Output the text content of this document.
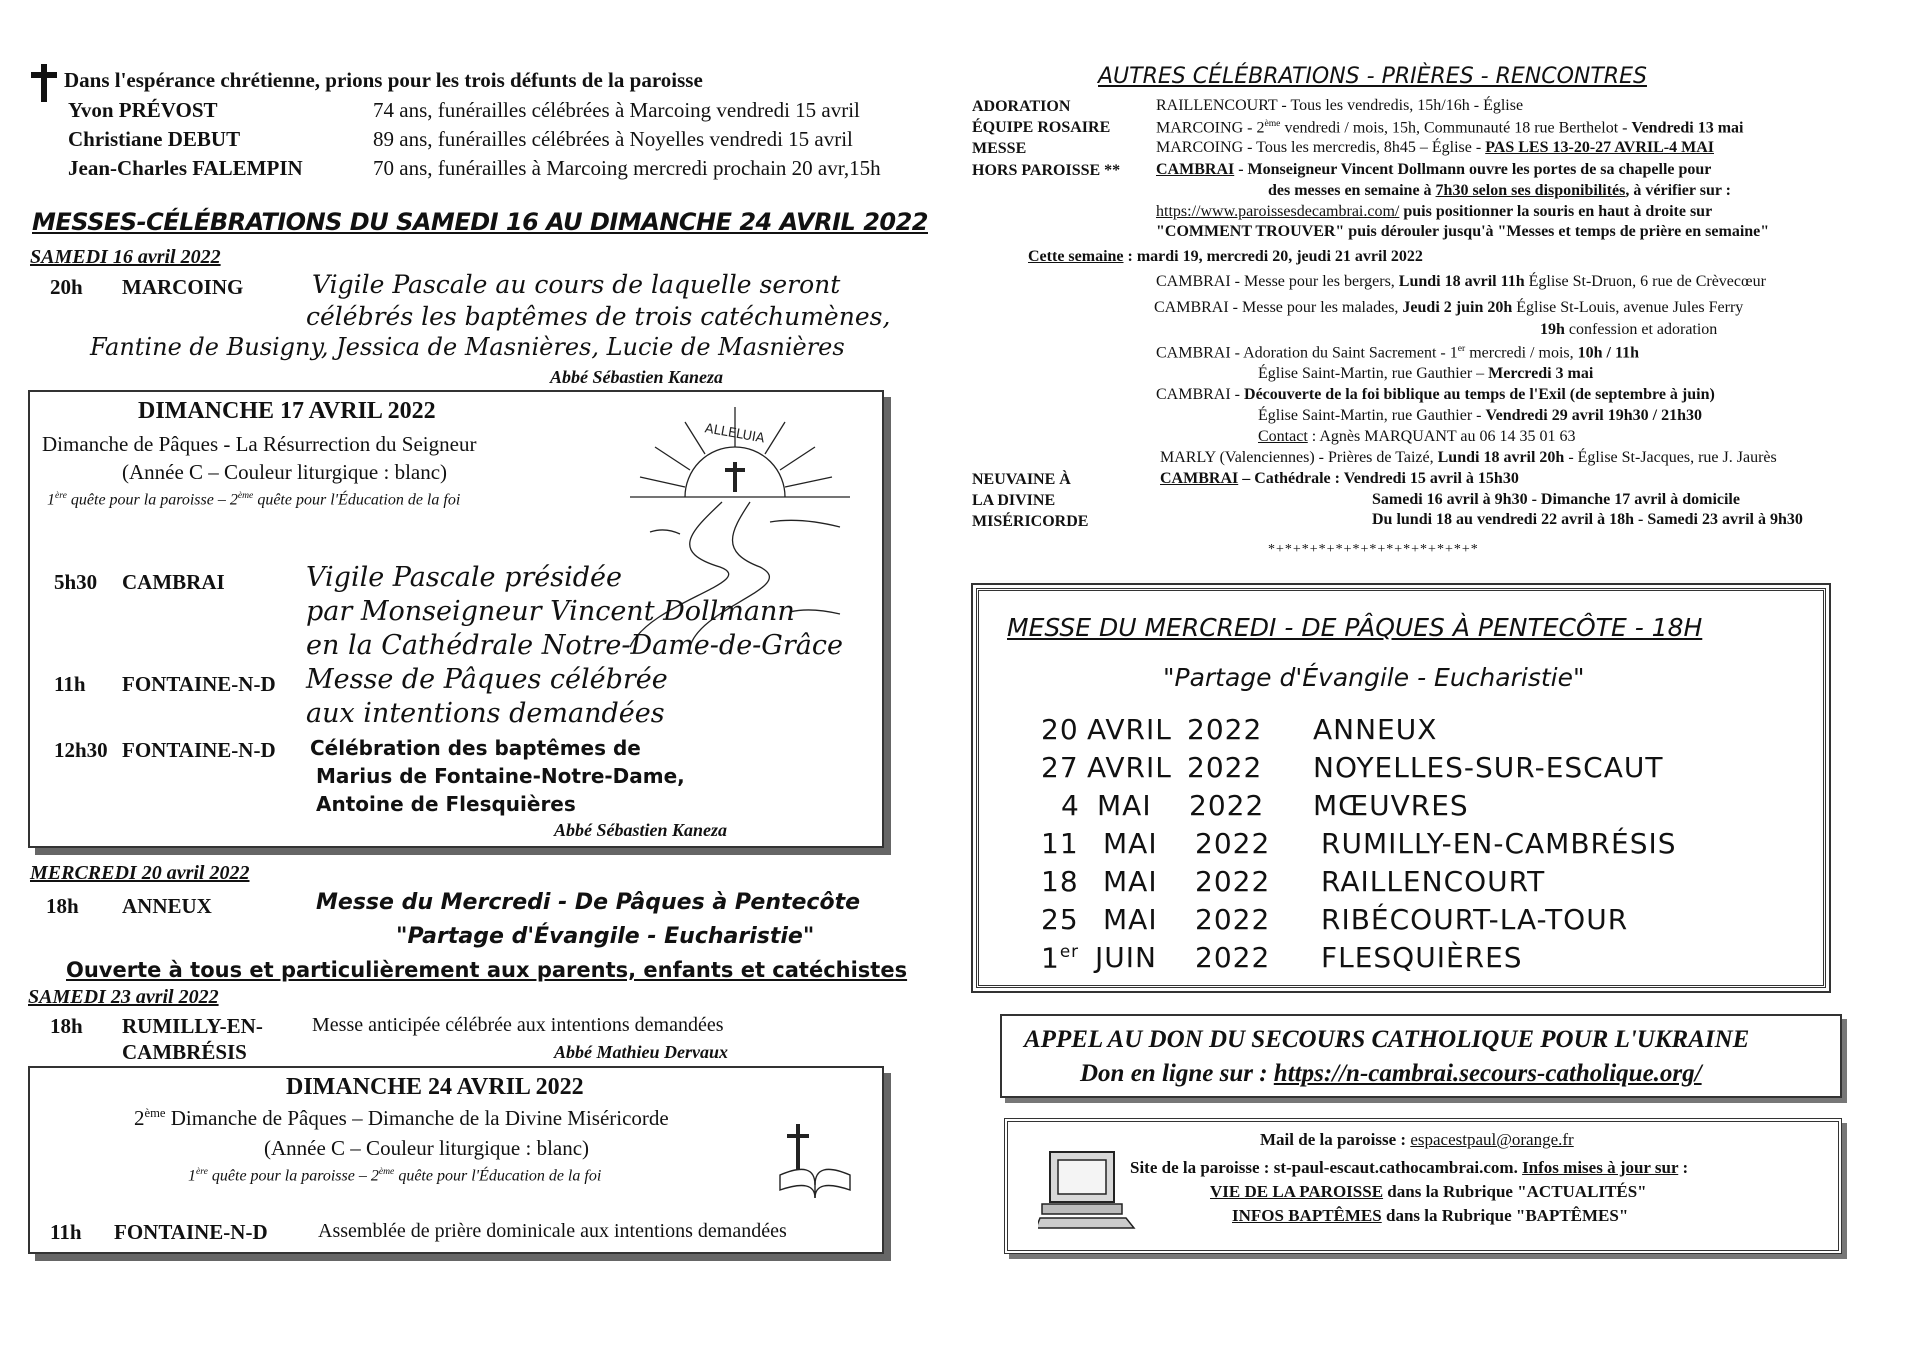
Dans l'espérance chrétienne, prions pour les trois défunts de la paroisse
Yvon PRÉVOST	74 ans, funérailles célébrées à Marcoing vendredi 15 avril
Christiane DEBUT	89 ans, funérailles célébrées à Noyelles vendredi 15 avril
Jean-Charles FALEMPIN	70 ans, funérailles à Marcoing mercredi prochain 20 avr,15h
MESSES-CÉLÉBRATIONS DU SAMEDI 16 AU DIMANCHE 24 AVRIL 2022
SAMEDI 16 avril 2022
20h MARCOING	Vigile Pascale au cours de laquelle seront
célébrés les baptêmes de trois catéchumènes,
Fantine de Busigny, Jessica de Masnières, Lucie de Masnières
Abbé Sébastien Kaneza
DIMANCHE 17 AVRIL 2022
Dimanche de Pâques - La Résurrection du Seigneur
(Année C – Couleur liturgique : blanc)
1ère quête pour la paroisse – 2ème quête pour l'Éducation de la foi
ALLELUIA
5h30 CAMBRAI	Vigile Pascale présidée
par Monseigneur Vincent Dollmann
en la Cathédrale Notre-Dame-de-Grâce
11h FONTAINE-N-D Messe de Pâques célébrée
aux intentions demandées
12h30 FONTAINE-N-D Célébration des baptêmes de
Marius de Fontaine-Notre-Dame,
Antoine de Flesquières
Abbé Sébastien Kaneza
MERCREDI 20 avril 2022
18h ANNEUX	Messe du Mercredi - De Pâques à Pentecôte
"Partage d'Évangile - Eucharistie"
Ouverte à tous et particulièrement aux parents, enfants et catéchistes
SAMEDI 23 avril 2022
18h RUMILLY-EN-
CAMBRÉSIS
Messe anticipée célébrée aux intentions demandées
Abbé Mathieu Dervaux
DIMANCHE 24 AVRIL 2022
2ème Dimanche de Pâques – Dimanche de la Divine Miséricorde
(Année C – Couleur liturgique : blanc)
1ère quête pour la paroisse – 2ème quête pour l'Éducation de la foi
11h FONTAINE-N-D	Assemblée de prière dominicale aux intentions demandées
AUTRES CÉLÉBRATIONS - PRIÈRES - RENCONTRES
ADORATION	RAILLENCOURT - Tous les vendredis, 15h/16h - Église
ÉQUIPE ROSAIRE	MARCOING - 2ème vendredi / mois, 15h, Communauté 18 rue Berthelot - Vendredi 13 mai
MESSE	MARCOING - Tous les mercredis, 8h45 – Église - PAS LES 13-20-27 AVRIL-4 MAI
HORS PAROISSE ** CAMBRAI - Monseigneur Vincent Dollmann ouvre les portes de sa chapelle pour
des messes en semaine à 7h30 selon ses disponibilités, à vérifier sur :
https://www.paroissesdecambrai.com/ puis positionner la souris en haut à droite sur
"COMMENT TROUVER" puis dérouler jusqu'à "Messes et temps de prière en semaine"
Cette semaine : mardi 19, mercredi 20, jeudi 21 avril 2022
CAMBRAI - Messe pour les bergers, Lundi 18 avril 11h Église St-Druon, 6 rue de Crèvecœur
CAMBRAI - Messe pour les malades, Jeudi 2 juin 20h Église St-Louis, avenue Jules Ferry
19h confession et adoration
CAMBRAI - Adoration du Saint Sacrement - 1er mercredi / mois, 10h / 11h
Église Saint-Martin, rue Gauthier – Mercredi 3 mai
CAMBRAI - Découverte de la foi biblique au temps de l'Exil (de septembre à juin)
Église Saint-Martin, rue Gauthier - Vendredi 29 avril 19h30 / 21h30
Contact : Agnès MARQUANT au 06 14 35 01 63
MARLY (Valenciennes) - Prières de Taizé, Lundi 18 avril 20h - Église St-Jacques, rue J. Jaurès
NEUVAINE À
LA DIVINE
MISÉRICORDE
CAMBRAI – Cathédrale : Vendredi 15 avril à 15h30
Samedi 16 avril à 9h30 - Dimanche 17 avril à domicile
Du lundi 18 au vendredi 22 avril à 18h - Samedi 23 avril à 9h30
*+*+*+*+*+*+*+*+*+*+*+*+*
MESSE DU MERCREDI - DE PÂQUES À PENTECÔTE - 18H
"Partage d'Évangile - Eucharistie"
20 AVRIL 2022 ANNEUX
27 AVRIL 2022 NOYELLES-SUR-ESCAUT
4 MAI 2022 MŒUVRES
11 MAI 2022 RUMILLY-EN-CAMBRÉSIS
18 MAI 2022 RAILLENCOURT
25 MAI 2022 RIBÉCOURT-LA-TOUR
1er JUIN 2022 FLESQUIÈRES
APPEL AU DON DU SECOURS CATHOLIQUE POUR L'UKRAINE
Don en ligne sur : https://n-cambrai.secours-catholique.org/
Mail de la paroisse : espacestpaul@orange.fr
Site de la paroisse : st-paul-escaut.cathocambrai.com. Infos mises à jour sur :
VIE DE LA PAROISSE dans la Rubrique "ACTUALITÉS"
INFOS BAPTÊMES dans la Rubrique "BAPTÊMES"
